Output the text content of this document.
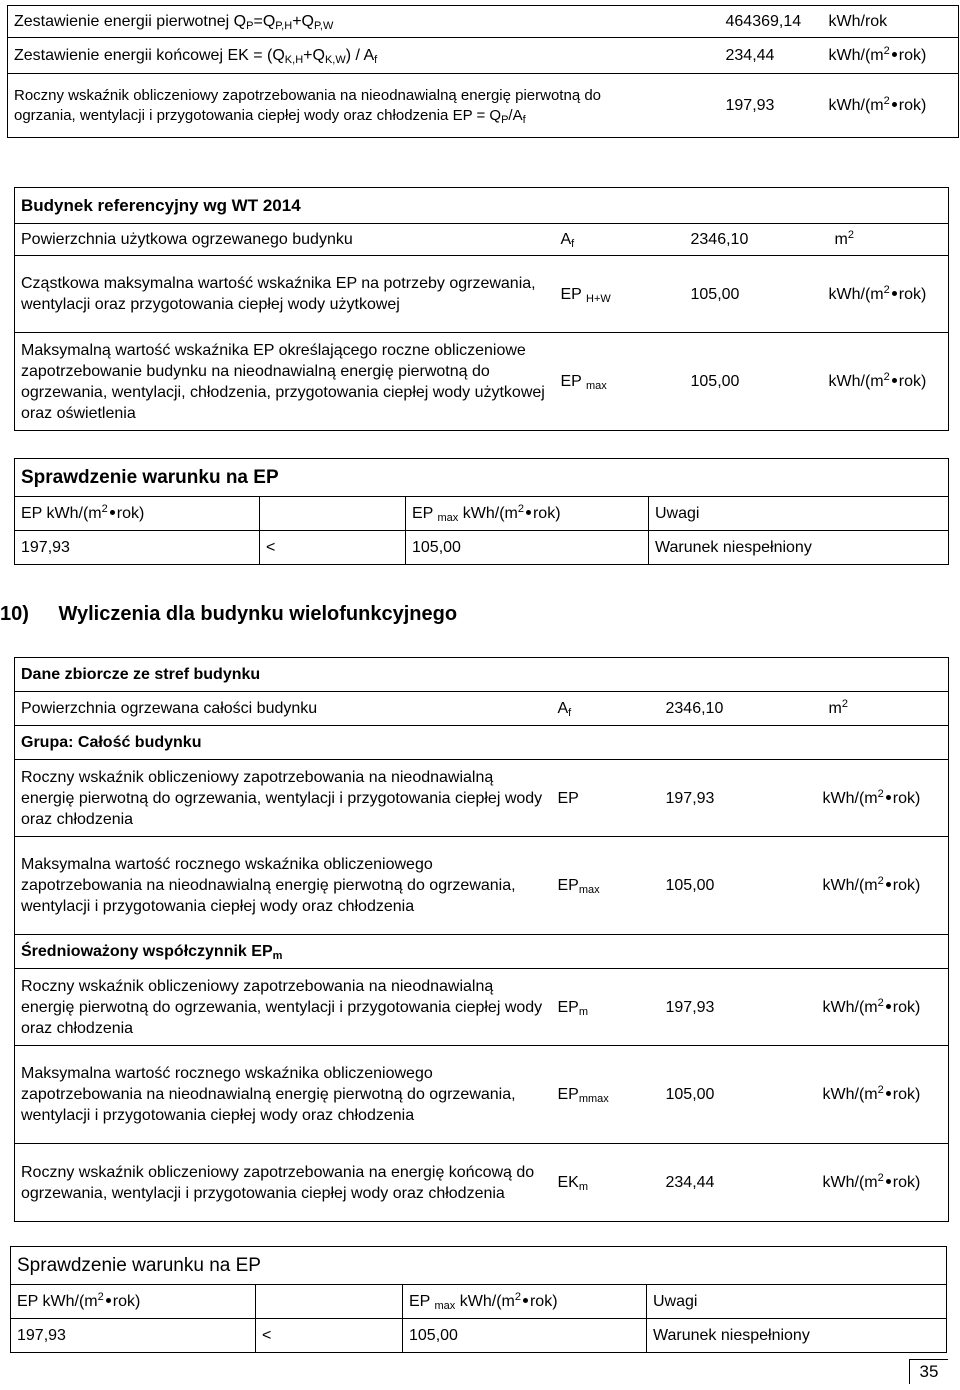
Zestawienie energii pierwotnej $Q_P=Q_{P,H}+Q_{P,W}$	464369,14	kWh/rok
Zestawienie energii końcowej EK = $(Q_{K,H}+Q_{K,W}) / A_f$	234,44	kWh/($m^2$ rok)
Roczny wskaźnik obliczeniowy zapotrzebowania na nieodnawialną energię pierwotną do
ogrzania, wentylacji i przygotowania ciepłej wody oraz chłodzenia EP = $Q_P/A_f$	197,93	kWh/($m^2$ rok)
Budynek referencyjny wg WT 2014			
Powierzchnia użytkowa ogrzewanego budynku	$A_f$	2346,10	$m^2$
Cząstkowa maksymalna wartość wskaźnika EP na potrzeby ogrzewania, wentylacji oraz przygotowania ciepłej wody użytkowej	EP $_{H+W}$	105,00	kWh/($m^2$ rok)
Maksymalną wartość wskaźnika EP określającego roczne obliczeniowe zapotrzebowanie budynku na nieodnawialną energię pierwotną do ogrzewania, wentylacji, chłodzenia, przygotowania ciepłej wody użytkowej oraz oświetlenia	EP $_{max}$	105,00	kWh/($m^2$ rok)
Sprawdzenie warunku na EP			
EP kWh/($m^2$ rok)		EP $_{max}$ kWh/($m^2$ rok)	Uwagi
197,93	<	105,00	Warunek niespełniony
10) Wyliczenia dla budynku wielofunkcyjnego
Dane zbiorcze ze stref budynku			
Powierzchnia ogrzewana całości budynku	$A_f$	2346,10	$m^2$
Grupa: Całość budynku			
Roczny wskaźnik obliczeniowy zapotrzebowania na nieodnawialną energię pierwotną do ogrzewania, wentylacji i przygotowania ciepłej wody oraz chłodzenia	EP	197,93	kWh/($m^2$ rok)
Maksymalna wartość rocznego wskaźnika obliczeniowego zapotrzebowania na nieodnawialną energię pierwotną do ogrzewania, wentylacji i przygotowania ciepłej wody oraz chłodzenia	$EP_{max}$	105,00	kWh/($m^2$ rok)
Średnioważony współczynnik $EP_m$
Roczny wskaźnik obliczeniowy zapotrzebowania na nieodnawialną energię pierwotną do ogrzewania, wentylacji i przygotowania ciepłej wody oraz chłodzenia	$EP_m$	197,93	kWh/($m^2$ rok)
Maksymalna wartość rocznego wskaźnika obliczeniowego zapotrzebowania na nieodnawialną energię pierwotną do ogrzewania, wentylacji i przygotowania ciepłej wody oraz chłodzenia	$EP_{mmax}$	105,00	kWh/($m^2$ rok)
Roczny wskaźnik obliczeniowy zapotrzebowania na energię końcową do ogrzewania, wentylacji i przygotowania ciepłej wody oraz chłodzenia	$EK_m$	234,44	kWh/($m^2$ rok)
Sprawdzenie warunku na EP			
EP kWh/($m^2$ rok)		EP $_{max}$ kWh/($m^2$ rok)	Uwagi
197,93	<	105,00	Warunek niespełniony
35
